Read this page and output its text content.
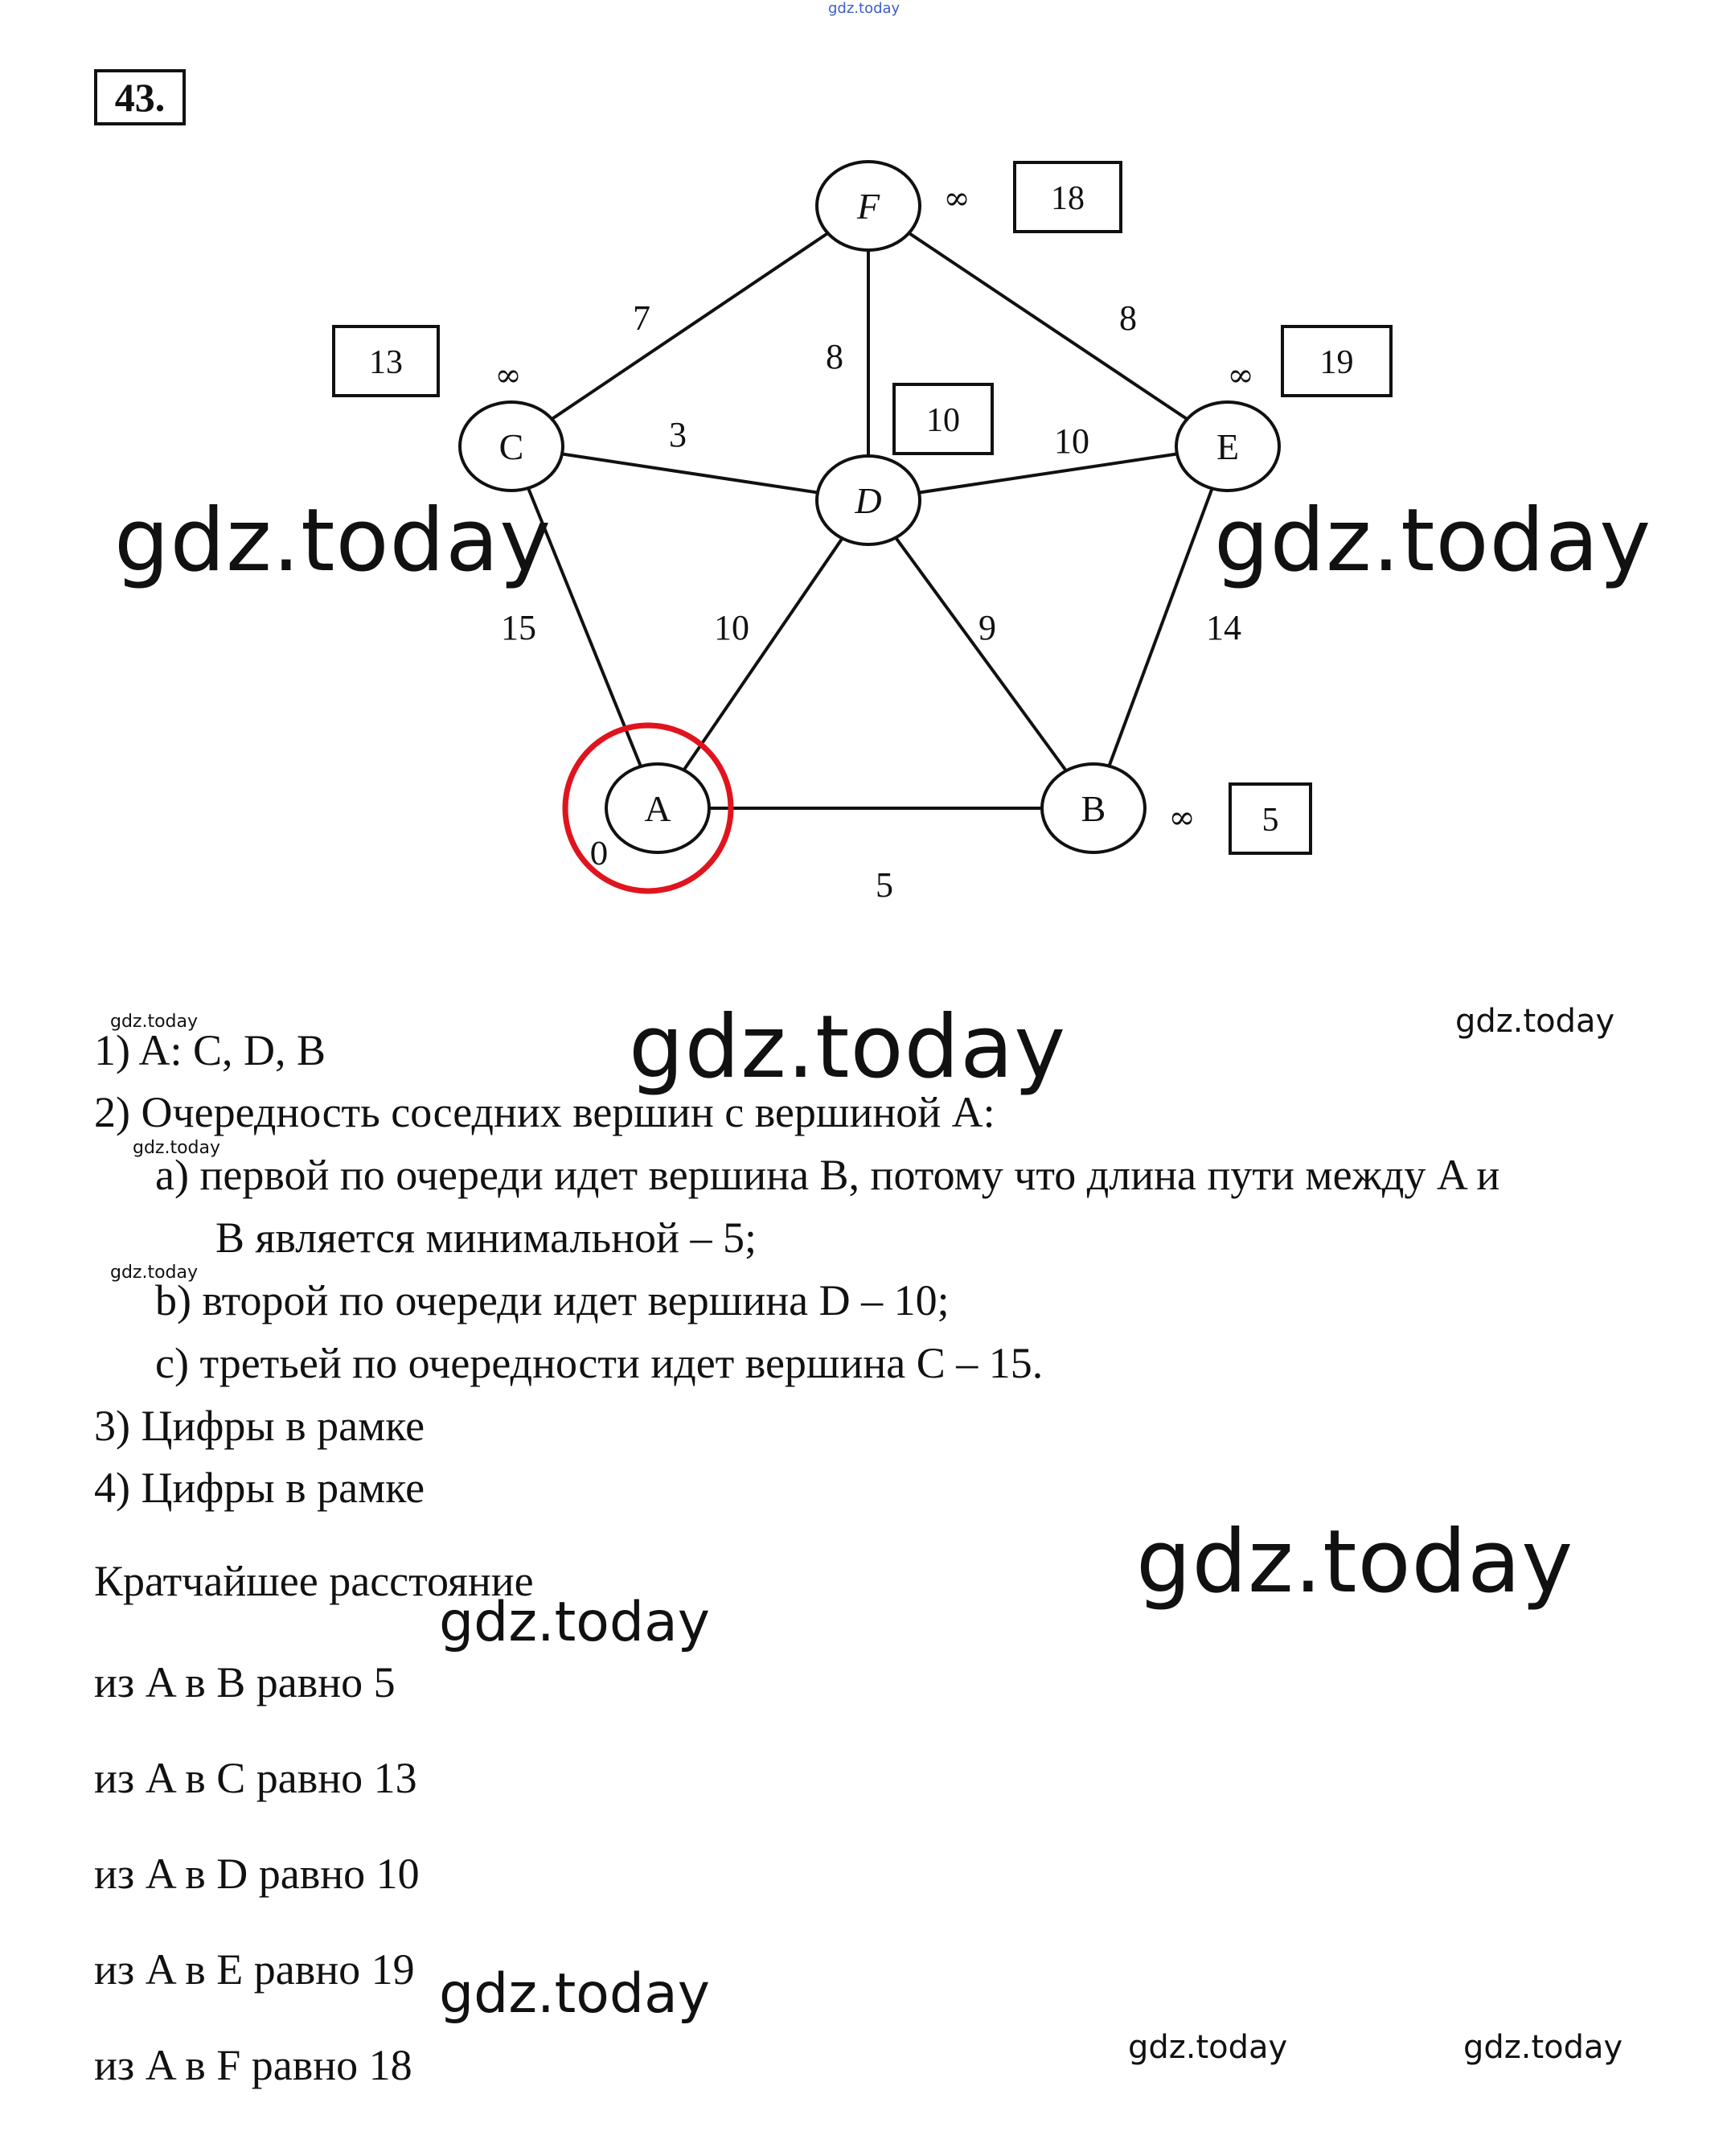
43.
7
8
8
3	10
15	10	9	14
5
F ∞ 18
C
∞
13
D
10
E
∞ 19
A
0
B ∞ 5
1) A: C, D, B
2) Очередность соседних вершин с вершиной A:
a) первой по очереди идет вершина B, потому что длина пути между A и
B является минимальной – 5;
b) второй по очереди идет вершина D – 10;
c) третьей по очередности идет вершина C – 15.
3) Цифры в рамке
4) Цифры в рамке
Кратчайшее расстояние
из A в B равно 5
из A в C равно 13
из A в D равно 10
из A в E равно 19
из A в F равно 18
gdz.today
gdz.today	gdz.today
gdz.today
gdz.today
gdz.today
gdz.today
gdz.today
gdz.today	gdz.today
gdz.today
gdz.today
gdz.today
